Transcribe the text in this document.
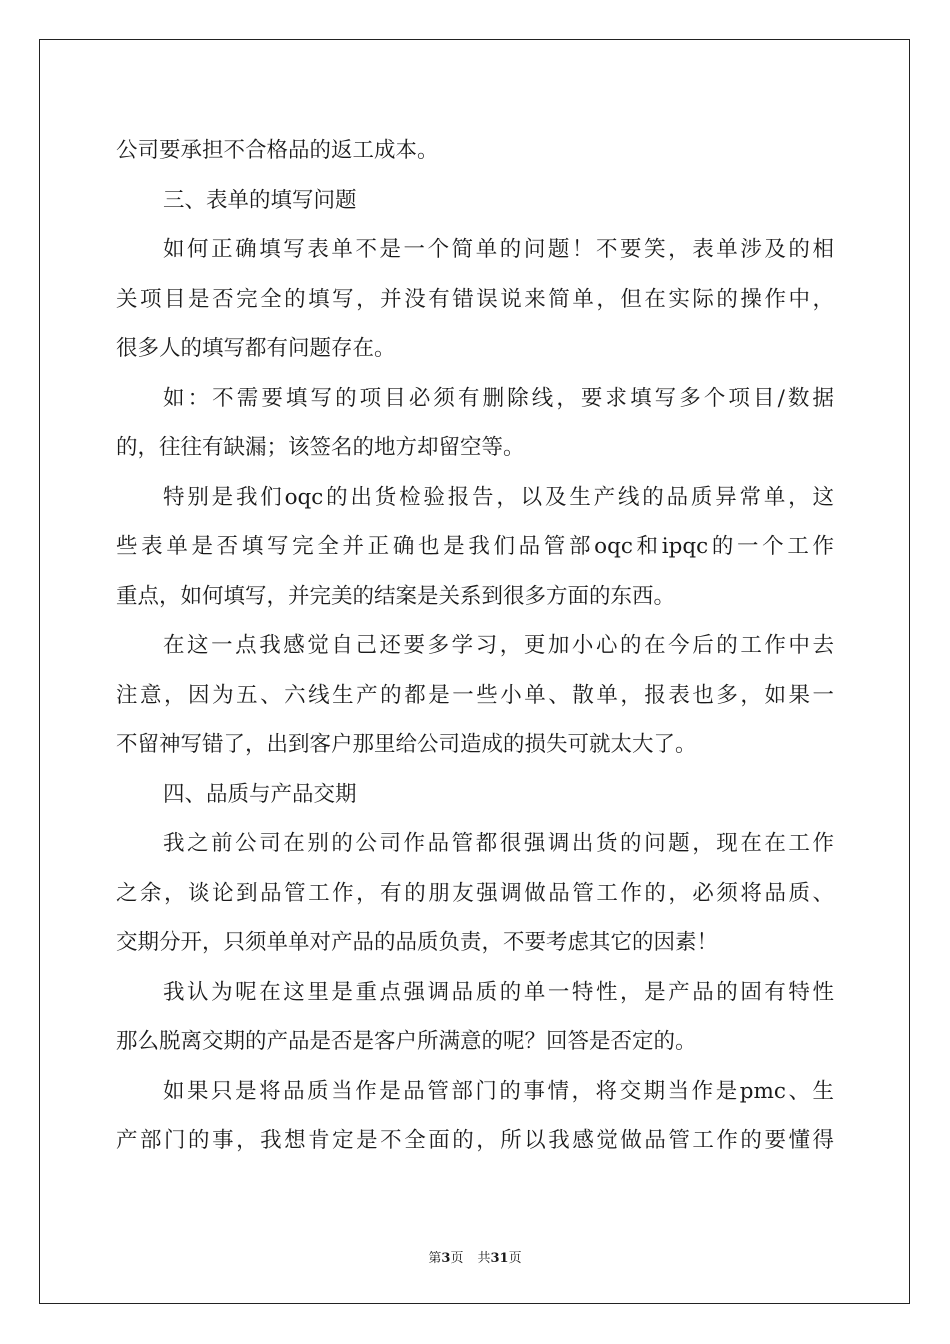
公司要承担不合格品的返工成本。
三、表单的填写问题
如何正确填写表单不是一个简单的问题！不要笑，表单涉及的相
关项目是否完全的填写，并没有错误说来简单，但在实际的操作中，
很多人的填写都有问题存在。
如：不需要填写的项目必须有删除线，要求填写多个项目/数据
的，往往有缺漏；该签名的地方却留空等。
特别是我们oqc的出货检验报告，以及生产线的品质异常单，这
些表单是否填写完全并正确也是我们品管部oqc和ipqc的一个工作
重点，如何填写，并完美的结案是关系到很多方面的东西。
在这一点我感觉自己还要多学习，更加小心的在今后的工作中去
注意，因为五、六线生产的都是一些小单、散单，报表也多，如果一
不留神写错了，出到客户那里给公司造成的损失可就太大了。
四、品质与产品交期
我之前公司在别的公司作品管都很强调出货的问题，现在在工作
之余，谈论到品管工作，有的朋友强调做品管工作的，必须将品质、
交期分开，只须单单对产品的品质负责，不要考虑其它的因素！
我认为呢在这里是重点强调品质的单一特性，是产品的固有特性
那么脱离交期的产品是否是客户所满意的呢？回答是否定的。
如果只是将品质当作是品管部门的事情，将交期当作是pmc、生
产部门的事，我想肯定是不全面的，所以我感觉做品管工作的要懂得
第3页 共31页
